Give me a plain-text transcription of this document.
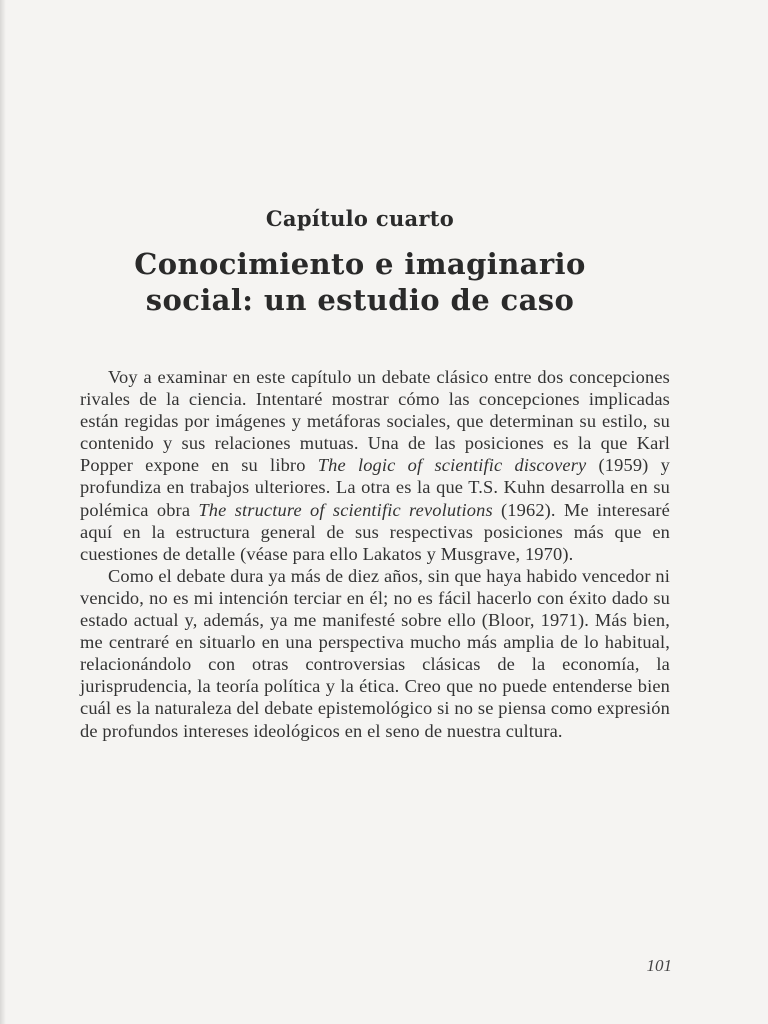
Capítulo cuarto
Conocimiento e imaginario
social: un estudio de caso

Voy a examinar en este capítulo un debate clásico entre dos concepciones rivales de la ciencia. Intentaré mostrar cómo las concepciones implicadas están regidas por imágenes y metáforas sociales, que determinan su estilo, su contenido y sus relaciones mutuas. Una de las posiciones es la que Karl Popper expone en su libro The logic of scientific discovery (1959) y profundiza en trabajos ulteriores. La otra es la que T.S. Kuhn desarrolla en su polémica obra The structure of scientific revolutions (1962). Me interesaré aquí en la estructura general de sus respectivas posiciones más que en cuestiones de detalle (véase para ello Lakatos y Musgrave, 1970).

Como el debate dura ya más de diez años, sin que haya habido vencedor ni vencido, no es mi intención terciar en él; no es fácil hacerlo con éxito dado su estado actual y, además, ya me manifesté sobre ello (Bloor, 1971). Más bien, me centraré en situarlo en una perspectiva mucho más amplia de lo habitual, relacionándolo con otras controversias clásicas de la economía, la jurisprudencia, la teoría política y la ética. Creo que no puede entenderse bien cuál es la naturaleza del debate epistemológico si no se piensa como expresión de profundos intereses ideológicos en el seno de nuestra cultura.

101
